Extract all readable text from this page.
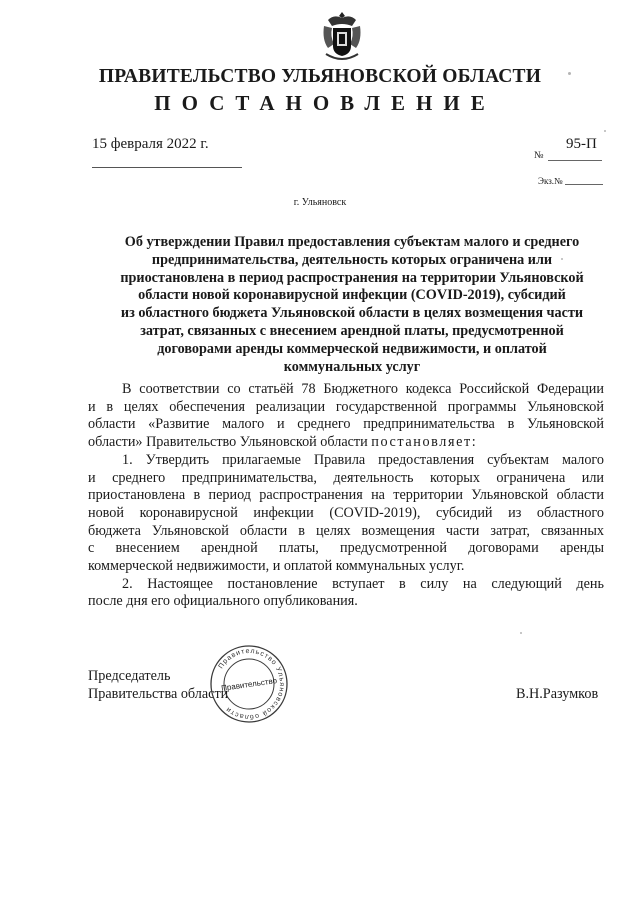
ПРАВИТЕЛЬСТВО УЛЬЯНОВСКОЙ ОБЛАСТИ
ПОСТАНОВЛЕНИЕ
15 февраля 2022 г.	95-П
№
Экз.№
г. Ульяновск
Об утверждении Правил предоставления субъектам малого и среднего
предпринимательства, деятельность которых ограничена или
приостановлена в период распространения на территории Ульяновской
области новой коронавирусной инфекции (COVID-2019), субсидий
из областного бюджета Ульяновской области в целях возмещения части
затрат, связанных с внесением арендной платы, предусмотренной
договорами аренды коммерческой недвижимости, и оплатой
коммунальных услуг
В соответствии со статьёй 78 Бюджетного кодекса Российской Федерации
и в целях обеспечения реализации государственной программы Ульяновской
области «Развитие малого и среднего предпринимательства в Ульяновской
области» Правительство Ульяновской области постановляет:
1. Утвердить прилагаемые Правила предоставления субъектам малого
и среднего предпринимательства, деятельность которых ограничена или
приостановлена в период распространения на территории Ульяновской области
новой коронавирусной инфекции (COVID-2019), субсидий из областного
бюджета Ульяновской области в целях возмещения части затрат, связанных
с внесением арендной платы, предусмотренной договорами аренды
коммерческой недвижимости, и оплатой коммунальных услуг.
2. Настоящее постановление вступает в силу на следующий день
после дня его официального опубликования.
Председатель
Правительства области	В.Н.Разумков
Правительство Ульяновской области
Правительство
